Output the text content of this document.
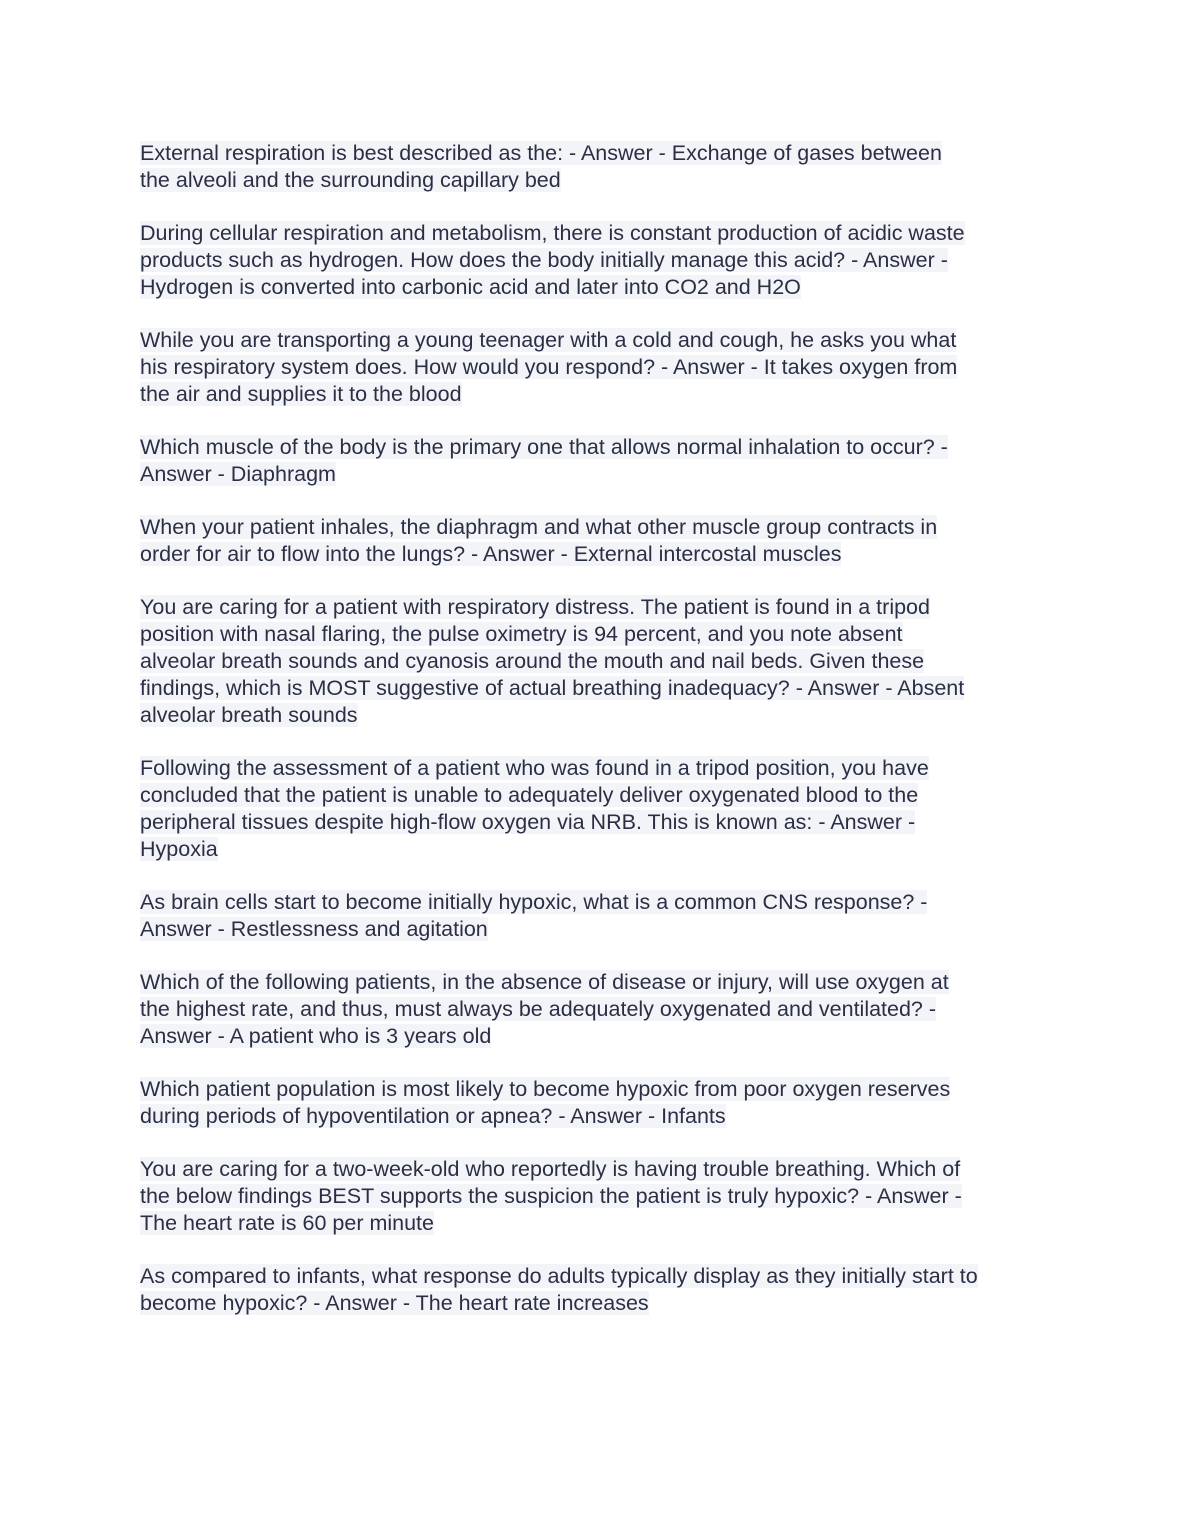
External respiration is best described as the: - Answer - Exchange of gases between
the alveoli and the surrounding capillary bed

During cellular respiration and metabolism, there is constant production of acidic waste
products such as hydrogen. How does the body initially manage this acid? - Answer -
Hydrogen is converted into carbonic acid and later into CO2 and H2O

While you are transporting a young teenager with a cold and cough, he asks you what
his respiratory system does. How would you respond? - Answer - It takes oxygen from
the air and supplies it to the blood

Which muscle of the body is the primary one that allows normal inhalation to occur? -
Answer - Diaphragm

When your patient inhales, the diaphragm and what other muscle group contracts in
order for air to flow into the lungs? - Answer - External intercostal muscles

You are caring for a patient with respiratory distress. The patient is found in a tripod
position with nasal flaring, the pulse oximetry is 94 percent, and you note absent
alveolar breath sounds and cyanosis around the mouth and nail beds. Given these
findings, which is MOST suggestive of actual breathing inadequacy? - Answer - Absent
alveolar breath sounds

Following the assessment of a patient who was found in a tripod position, you have
concluded that the patient is unable to adequately deliver oxygenated blood to the
peripheral tissues despite high-flow oxygen via NRB. This is known as: - Answer -
Hypoxia

As brain cells start to become initially hypoxic, what is a common CNS response? -
Answer - Restlessness and agitation

Which of the following patients, in the absence of disease or injury, will use oxygen at
the highest rate, and thus, must always be adequately oxygenated and ventilated? -
Answer - A patient who is 3 years old

Which patient population is most likely to become hypoxic from poor oxygen reserves
during periods of hypoventilation or apnea? - Answer - Infants

You are caring for a two-week-old who reportedly is having trouble breathing. Which of
the below findings BEST supports the suspicion the patient is truly hypoxic? - Answer -
The heart rate is 60 per minute

As compared to infants, what response do adults typically display as they initially start to
become hypoxic? - Answer - The heart rate increases
